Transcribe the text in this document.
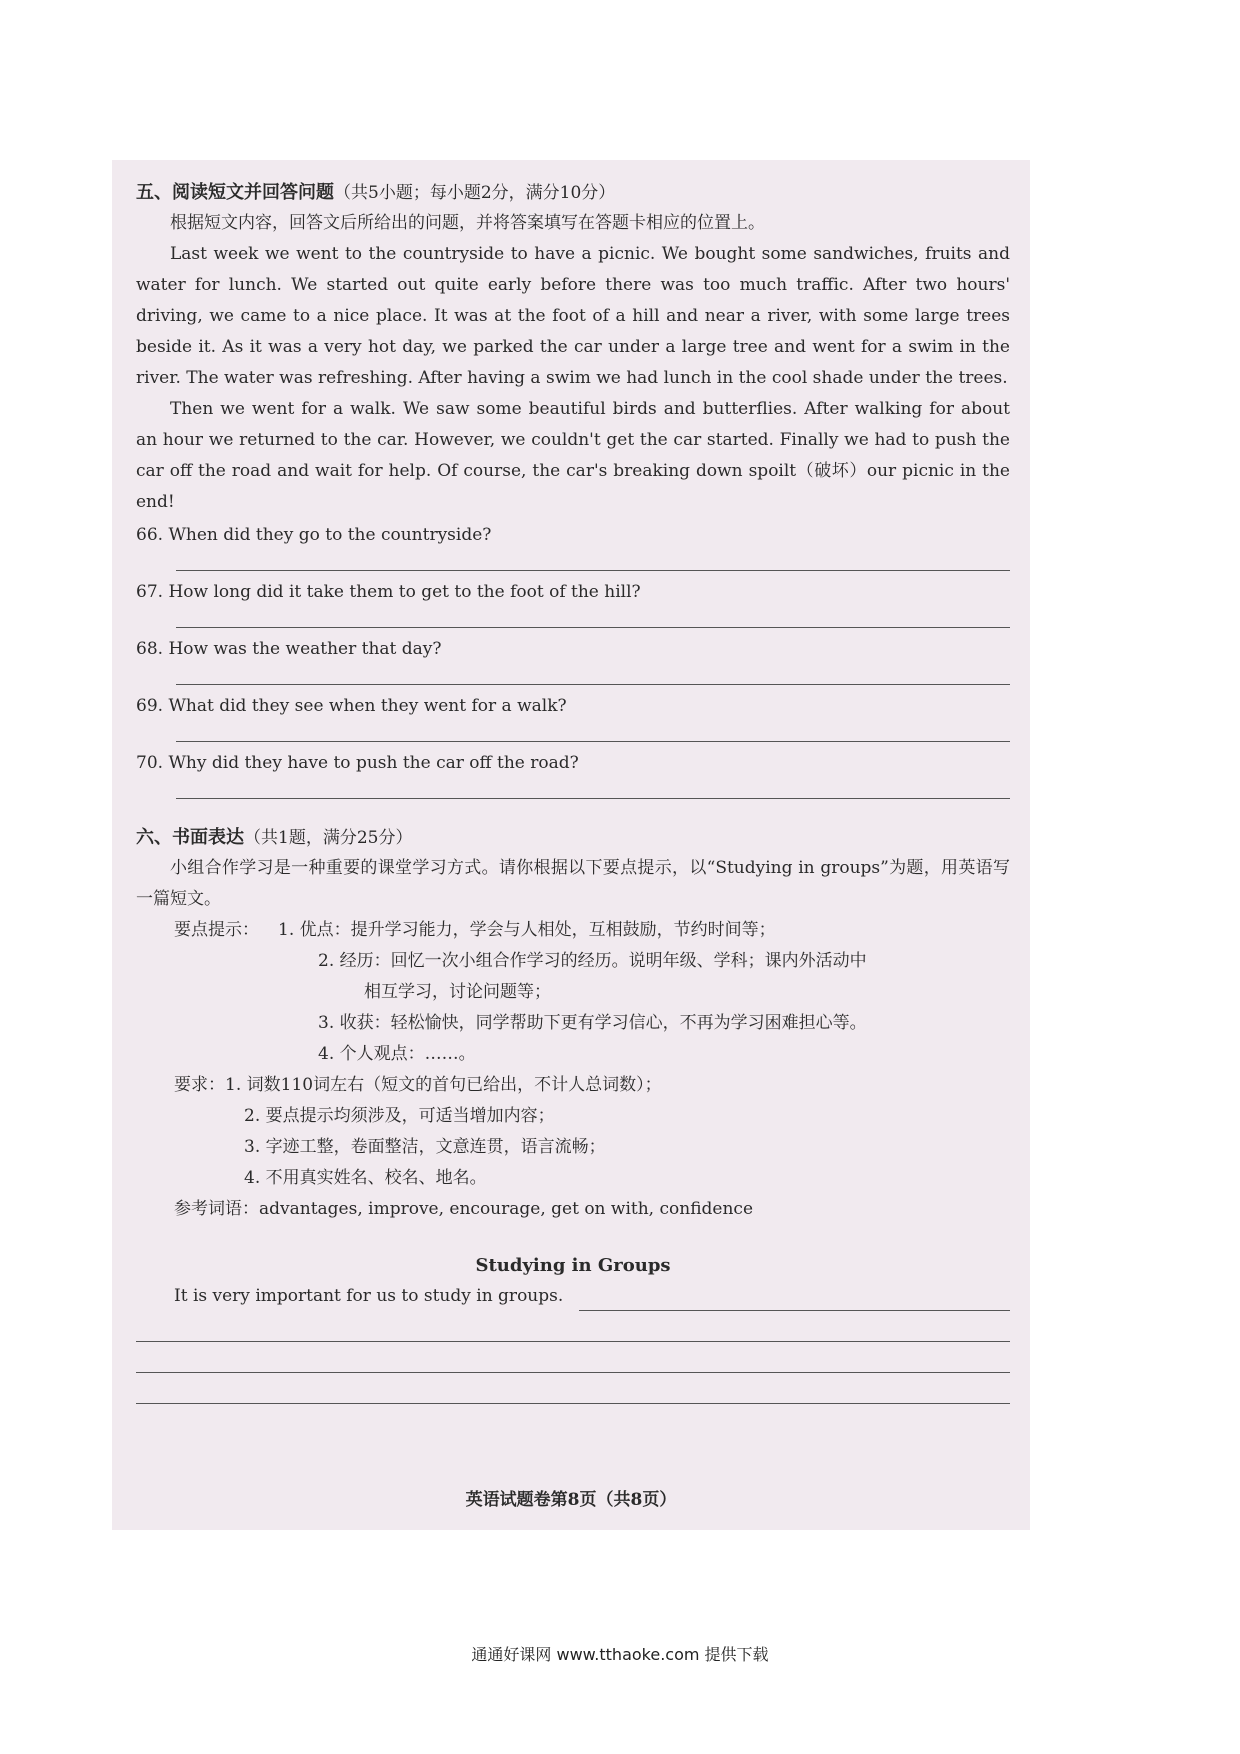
五、阅读短文并回答问题（共5小题；每小题2分，满分10分）

根据短文内容，回答文后所给出的问题，并将答案填写在答题卡相应的位置上。

Last week we went to the countryside to have a picnic. We bought some sandwiches, fruits and water for lunch. We started out quite early before there was too much traffic. After two hours' driving, we came to a nice place. It was at the foot of a hill and near a river, with some large trees beside it. As it was a very hot day, we parked the car under a large tree and went for a swim in the river. The water was refreshing. After having a swim we had lunch in the cool shade under the trees.

Then we went for a walk. We saw some beautiful birds and butterflies. After walking for about an hour we returned to the car. However, we couldn't get the car started. Finally we had to push the car off the road and wait for help. Of course, the car's breaking down spoilt（破坏）our picnic in the end!

66. When did they go to the countryside?
67. How long did it take them to get to the foot of the hill?
68. How was the weather that day?
69. What did they see when they went for a walk?
70. Why did they have to push the car off the road?
六、书面表达（共1题，满分25分）

小组合作学习是一种重要的课堂学习方式。请你根据以下要点提示，以“Studying in groups”为题，用英语写一篇短文。

要点提示：	1. 优点：提升学习能力，学会与人相处，互相鼓励，节约时间等；
2. 经历：回忆一次小组合作学习的经历。说明年级、学科；课内外活动中
相互学习，讨论问题等；
3. 收获：轻松愉快，同学帮助下更有学习信心，不再为学习困难担心等。
4. 个人观点：……。
要求：1. 词数110词左右（短文的首句已给出，不计人总词数）；
2. 要点提示均须涉及，可适当增加内容；
3. 字迹工整，卷面整洁，文意连贯，语言流畅；
4. 不用真实姓名、校名、地名。
参考词语：advantages, improve, encourage, get on with, confidence
Studying in Groups
It is very important for us to study in groups.
英语试题卷第8页（共8页）
通通好课网 www.tthaoke.com 提供下载
